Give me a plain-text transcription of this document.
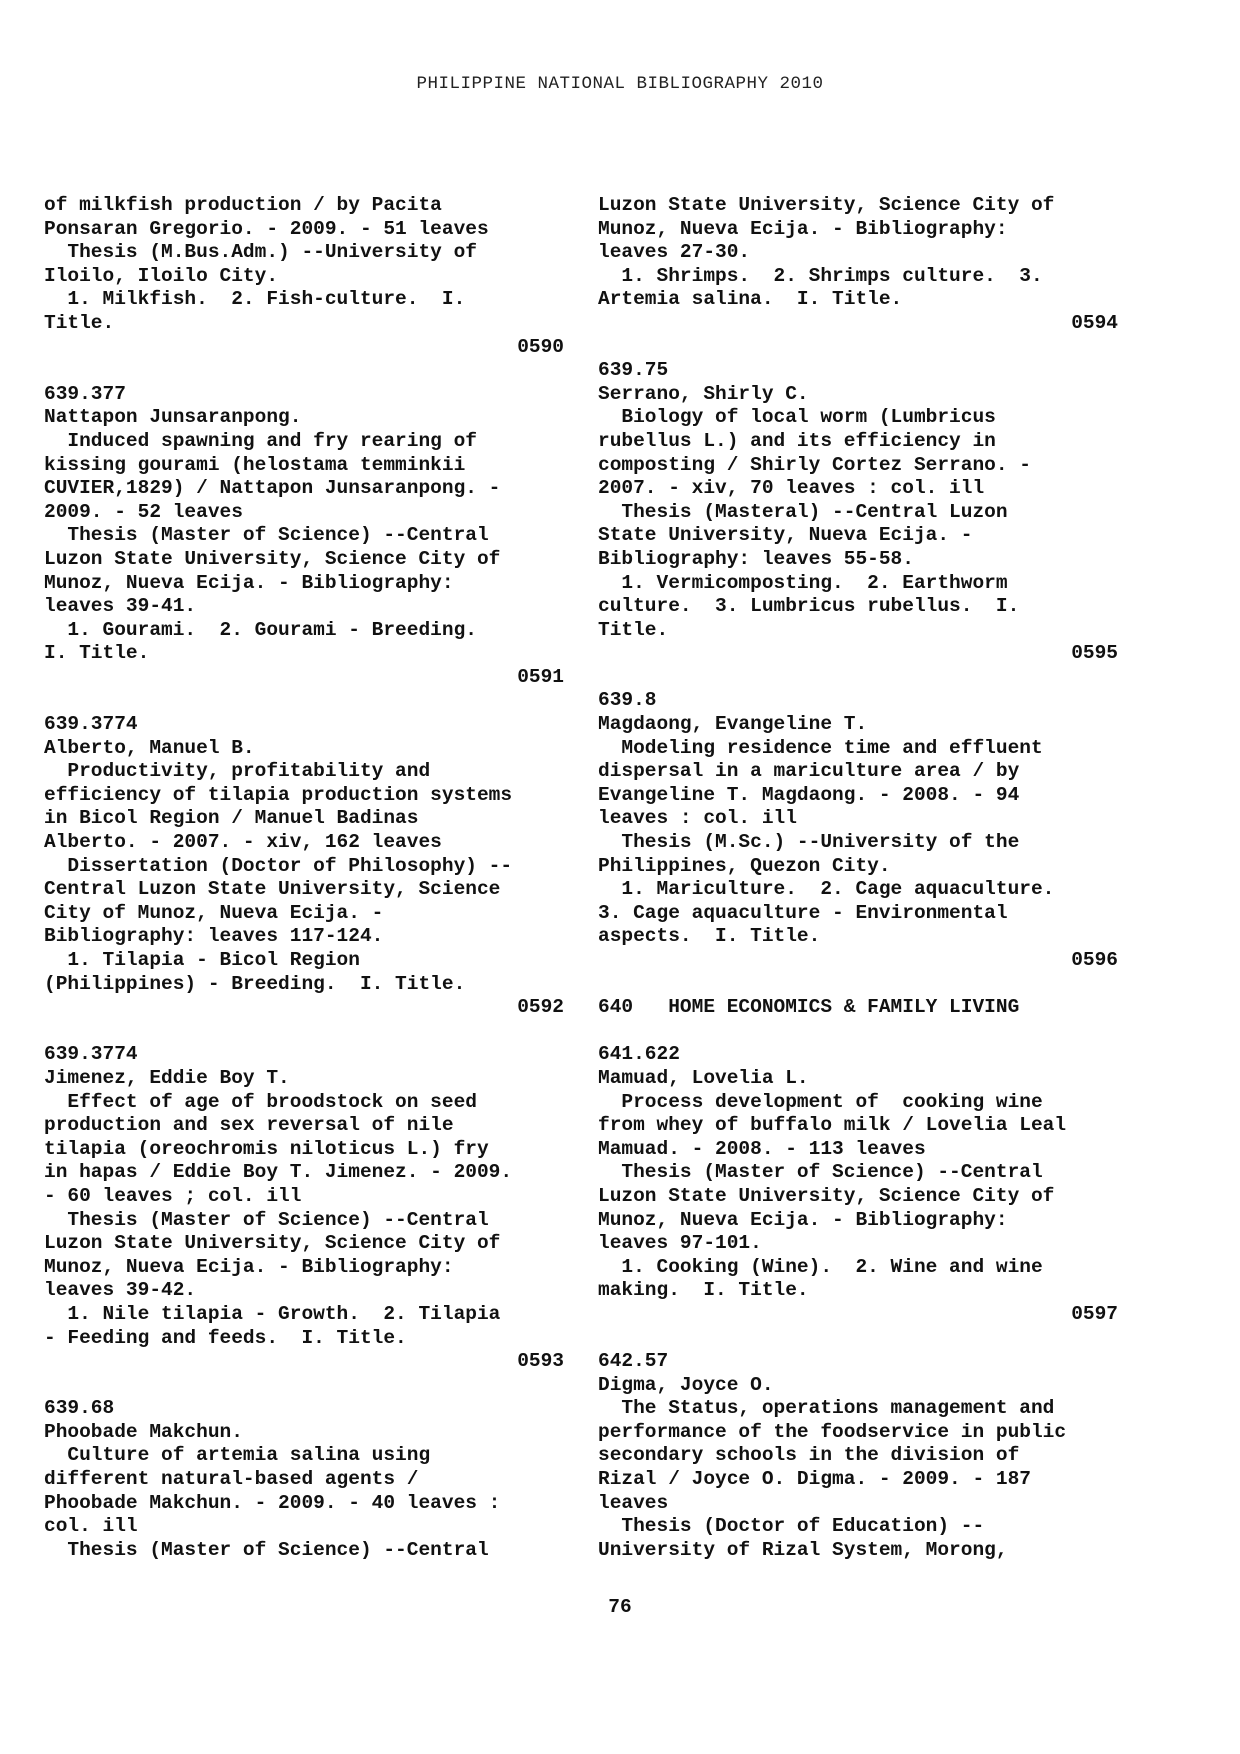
PHILIPPINE NATIONAL BIBLIOGRAPHY 2010
of milkfish production / by Pacita
Ponsaran Gregorio. - 2009. - 51 leaves
Thesis (M.Bus.Adm.) --University of
Iloilo, Iloilo City.
1. Milkfish.  2. Fish-culture.  I.
Title.
0590
639.377
Nattapon Junsaranpong.
Induced spawning and fry rearing of
kissing gourami (helostama temminkii
CUVIER,1829) / Nattapon Junsaranpong. -
2009. - 52 leaves
Thesis (Master of Science) --Central
Luzon State University, Science City of
Munoz, Nueva Ecija. - Bibliography:
leaves 39-41.
1. Gourami.  2. Gourami - Breeding.
I. Title.
0591
639.3774
Alberto, Manuel B.
Productivity, profitability and
efficiency of tilapia production systems
in Bicol Region / Manuel Badinas
Alberto. - 2007. - xiv, 162 leaves
Dissertation (Doctor of Philosophy) --
Central Luzon State University, Science
City of Munoz, Nueva Ecija. -
Bibliography: leaves 117-124.
1. Tilapia - Bicol Region
(Philippines) - Breeding.  I. Title.
0592
639.3774
Jimenez, Eddie Boy T.
Effect of age of broodstock on seed
production and sex reversal of nile
tilapia (oreochromis niloticus L.) fry
in hapas / Eddie Boy T. Jimenez. - 2009.
- 60 leaves ; col. ill
Thesis (Master of Science) --Central
Luzon State University, Science City of
Munoz, Nueva Ecija. - Bibliography:
leaves 39-42.
1. Nile tilapia - Growth.  2. Tilapia
- Feeding and feeds.  I. Title.
0593
639.68
Phoobade Makchun.
Culture of artemia salina using
different natural-based agents /
Phoobade Makchun. - 2009. - 40 leaves :
col. ill
Thesis (Master of Science) --Central
Luzon State University, Science City of
Munoz, Nueva Ecija. - Bibliography:
leaves 27-30.
1. Shrimps.  2. Shrimps culture.  3.
Artemia salina.  I. Title.
0594
639.75
Serrano, Shirly C.
Biology of local worm (Lumbricus
rubellus L.) and its efficiency in
composting / Shirly Cortez Serrano. -
2007. - xiv, 70 leaves : col. ill
Thesis (Masteral) --Central Luzon
State University, Nueva Ecija. -
Bibliography: leaves 55-58.
1. Vermicomposting.  2. Earthworm
culture.  3. Lumbricus rubellus.  I.
Title.
0595
639.8
Magdaong, Evangeline T.
Modeling residence time and effluent
dispersal in a mariculture area / by
Evangeline T. Magdaong. - 2008. - 94
leaves : col. ill
Thesis (M.Sc.) --University of the
Philippines, Quezon City.
1. Mariculture.  2. Cage aquaculture.
3. Cage aquaculture - Environmental
aspects.  I. Title.
0596
640   HOME ECONOMICS & FAMILY LIVING
641.622
Mamuad, Lovelia L.
Process development of  cooking wine
from whey of buffalo milk / Lovelia Leal
Mamuad. - 2008. - 113 leaves
Thesis (Master of Science) --Central
Luzon State University, Science City of
Munoz, Nueva Ecija. - Bibliography:
leaves 97-101.
1. Cooking (Wine).  2. Wine and wine
making.  I. Title.
0597
642.57
Digma, Joyce O.
The Status, operations management and
performance of the foodservice in public
secondary schools in the division of
Rizal / Joyce O. Digma. - 2009. - 187
leaves
Thesis (Doctor of Education) --
University of Rizal System, Morong,
76
